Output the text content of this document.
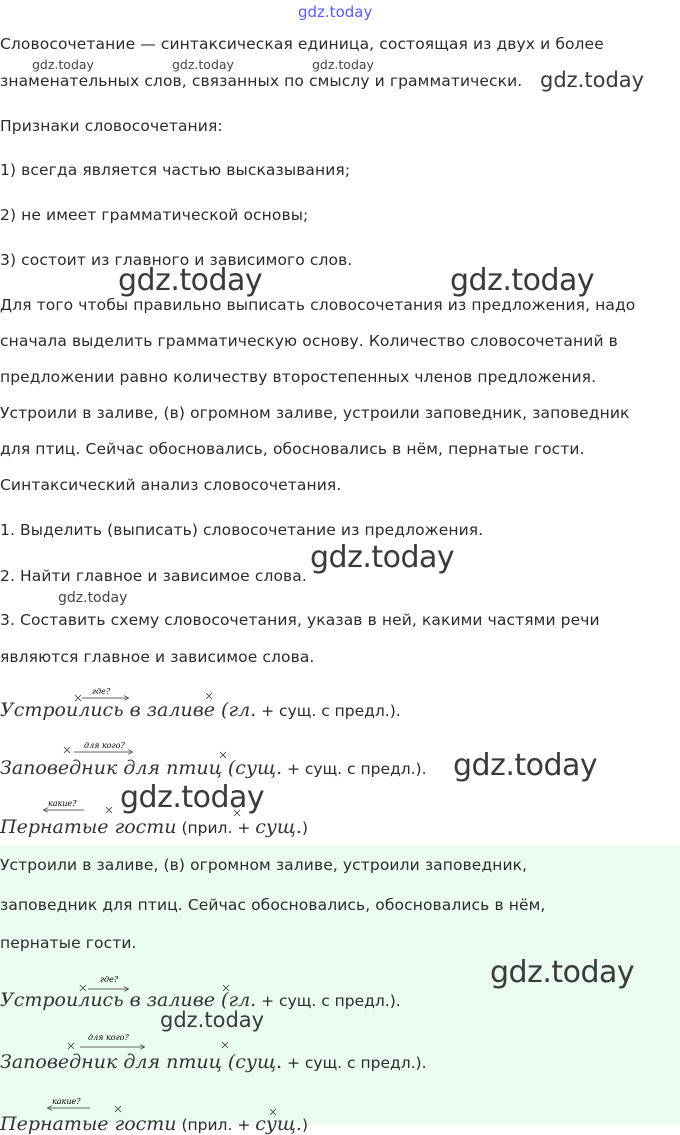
gdz.today
Словосочетание — синтаксическая единица, состоящая из двух и более
gdz.today	gdz.today	gdz.today
знаменательных слов, связанных по смыслу и грамматически. gdz.today
Признаки словосочетания:
1) всегда является частью высказывания;
2) не имеет грамматической основы;
3) состоит из главного и зависимого слов.
gdz.today	gdz.today
Для того чтобы правильно выписать словосочетания из предложения, надо
сначала выделить грамматическую основу. Количество словосочетаний в
предложении равно количеству второстепенных членов предложения.
Устроили в заливе, (в) огромном заливе, устроили заповедник, заповедник
для птиц. Сейчас обосновались, обосновались в нём, пернатые гости.
Синтаксический анализ словосочетания.
1. Выделить (выписать) словосочетание из предложения.
2. Найти главное и зависимое слова.
gdz.today
gdz.today
3. Составить схему словосочетания, указав в ней, какими частями речи
являются главное и зависимое слова.
Устроились в заливе (гл. + сущ. с предл.).
Заповедник для птиц (сущ. + сущ. с предл.). gdz.today
gdz.today
Пернатые гости (прил. + сущ.)
Устроили в заливе, (в) огромном заливе, устроили заповедник,
заповедник для птиц. Сейчас обосновались, обосновались в нём,
пернатые гости.
gdz.today
Устроились в заливе (гл. + сущ. с предл.).
gdz.today
Заповедник для птиц (сущ. + сущ. с предл.).
Пернатые гости (прил. + сущ.)
где?
для кого?
какие?
где?
для кого?
какие?
